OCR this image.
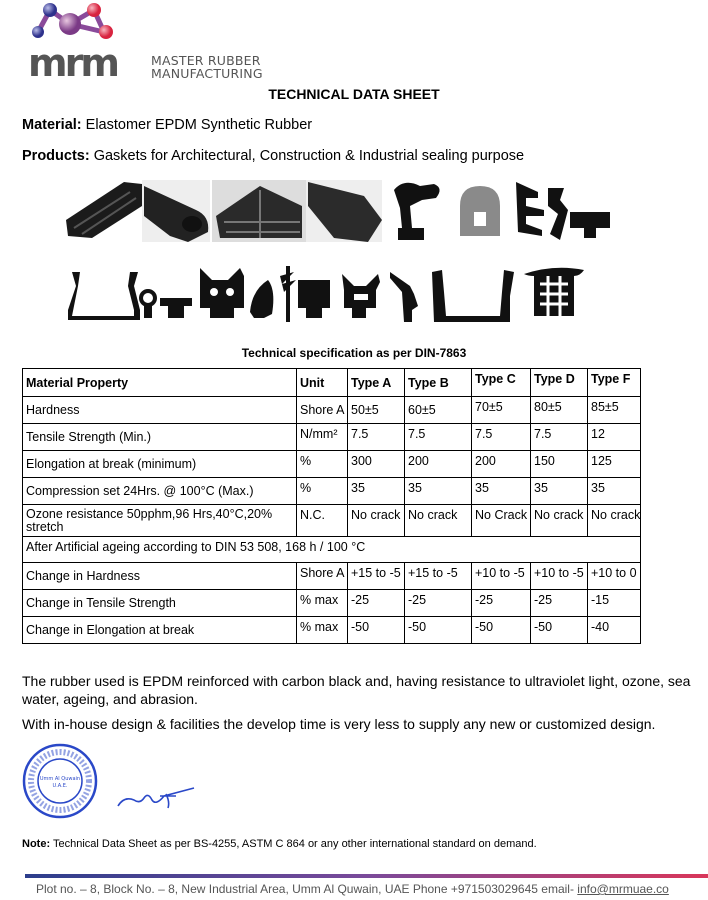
mrm	MASTER RUBBER
MANUFACTURING
TECHNICAL DATA SHEET
Material: Elastomer EPDM Synthetic Rubber
Products: Gaskets for Architectural, Construction & Industrial sealing purpose
Technical specification as per DIN-7863
Material Property	Unit	Type A	Type B	Type C	Type D	Type F
Hardness	Shore A	50±5	60±5	70±5	80±5	85±5
Tensile Strength (Min.)	N/mm²	7.5	7.5	7.5	7.5	12
Elongation at break (minimum)	%	300	200	200	150	125
Compression set 24Hrs. @ 100°C (Max.)	%	35	35	35	35	35
Ozone resistance 50pphm,96 Hrs,40°C,20% stretch	N.C.	No crack	No crack	No Crack	No crack	No crack
After Artificial ageing according to DIN 53 508, 168 h / 100 °C						
Change in Hardness	Shore A	+15 to -5	+15 to -5	+10 to -5	+10 to -5	+10 to 0
Change in Tensile Strength	% max	-25	-25	-25	-25	-15
Change in Elongation at break	% max	-50	-50	-50	-50	-40
The rubber used is EPDM reinforced with carbon black and, having resistance to ultraviolet light, ozone, sea water, ageing, and abrasion.
With in-house design & facilities the develop time is very less to supply any new or customized design.
Umm Al Quwain
U.A.E.
Note: Technical Data Sheet as per BS-4255, ASTM C 864 or any other international standard on demand.
Plot no. – 8, Block No. – 8, New Industrial Area, Umm Al Quwain, UAE Phone +971503029645 email- info@mrmuae.co
